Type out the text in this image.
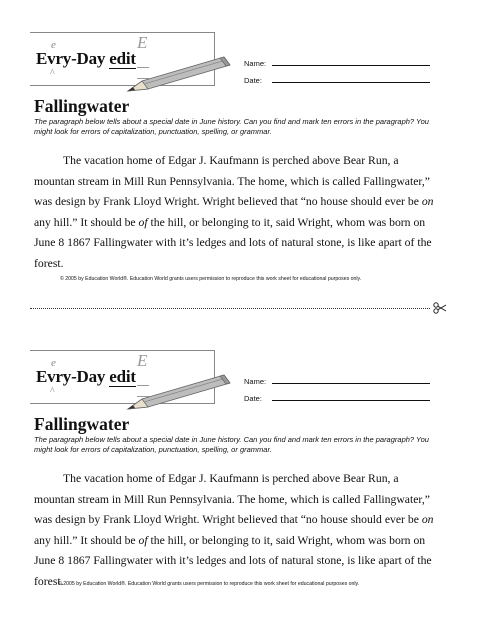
e
^
E
Evry-Day edit	Name:
Date:
Fallingwater
The paragraph below tells about a special date in June history. Can you find and mark ten errors in the paragraph? You might look for errors of capitalization, punctuation, spelling, or grammar.
The vacation home of Edgar J. Kaufmann is perched above Bear Run, a mountan stream in Mill Run Pennsylvania. The home, which is called Fallingwater,” was design by Frank Lloyd Wright. Wright believed that “no house should ever be on any hill.” It should be of the hill, or belonging to it, said Wright, whom was born on June 8 1867 Fallingwater with it’s ledges and lots of natural stone, is like apart of the forest.
© 2005 by Education World®. Education World grants users permission to reproduce this work sheet for educational purposes only.
e
^
E
Evry-Day edit	Name:
Date:
Fallingwater
The paragraph below tells about a special date in June history. Can you find and mark ten errors in the paragraph? You might look for errors of capitalization, punctuation, spelling, or grammar.
The vacation home of Edgar J. Kaufmann is perched above Bear Run, a mountan stream in Mill Run Pennsylvania. The home, which is called Fallingwater,” was design by Frank Lloyd Wright. Wright believed that “no house should ever be on any hill.” It should be of the hill, or belonging to it, said Wright, whom was born on June 8 1867 Fallingwater with it’s ledges and lots of natural stone, is like apart of the forest.
© 2005 by Education World®. Education World grants users permission to reproduce this work sheet for educational purposes only.
